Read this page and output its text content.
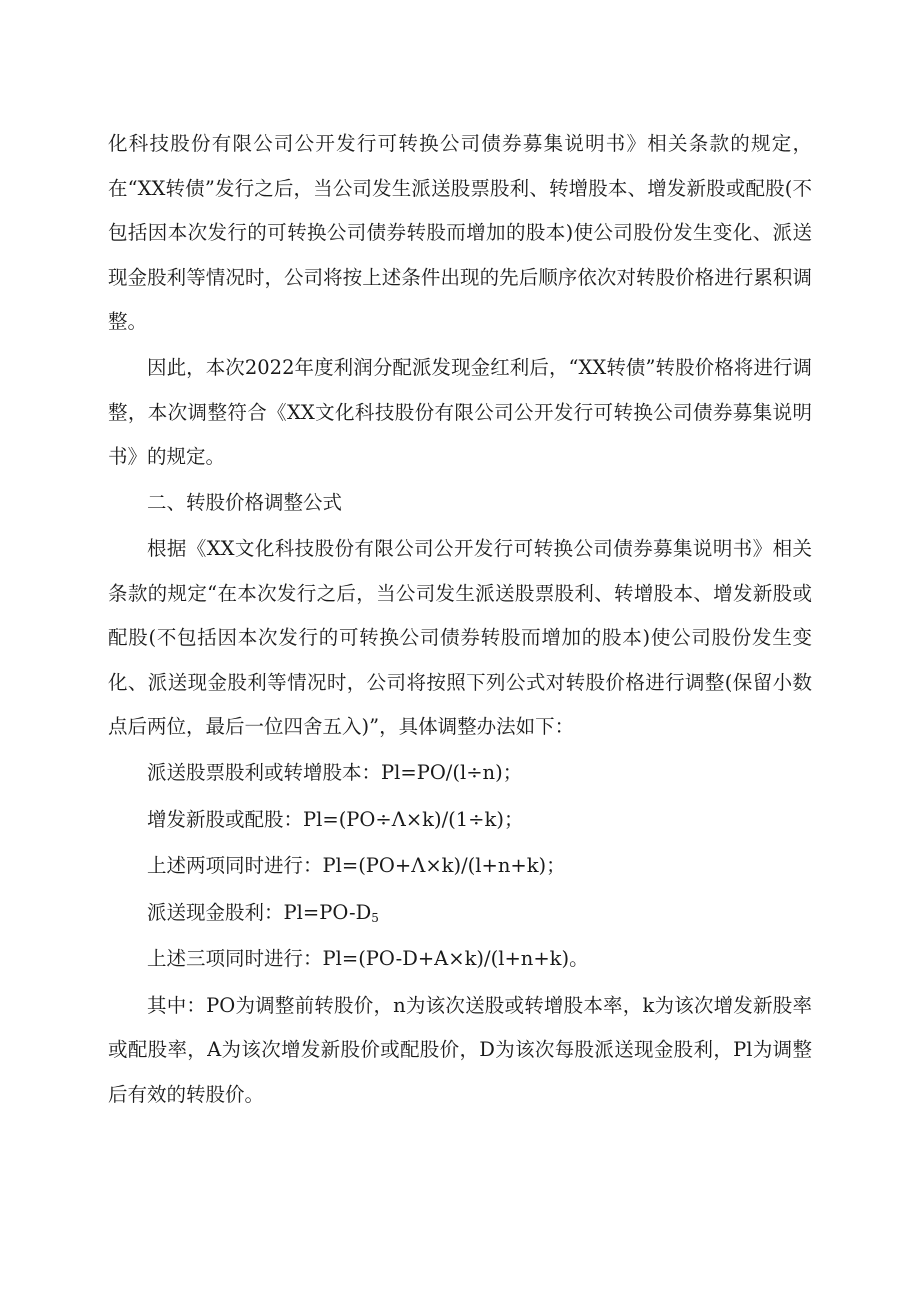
化科技股份有限公司公开发行可转换公司债券募集说明书》相关条款的规定，在“XX转债”发行之后，当公司发生派送股票股利、转增股本、增发新股或配股(不包括因本次发行的可转换公司债券转股而增加的股本)使公司股份发生变化、派送现金股利等情况时，公司将按上述条件出现的先后顺序依次对转股价格进行累积调整。

因此，本次2022年度利润分配派发现金红利后，“XX转债”转股价格将进行调整，本次调整符合《XX文化科技股份有限公司公开发行可转换公司债券募集说明书》的规定。

二、转股价格调整公式

根据《XX文化科技股份有限公司公开发行可转换公司债券募集说明书》相关条款的规定“在本次发行之后，当公司发生派送股票股利、转增股本、增发新股或配股(不包括因本次发行的可转换公司债券转股而增加的股本)使公司股份发生变化、派送现金股利等情况时，公司将按照下列公式对转股价格进行调整(保留小数点后两位，最后一位四舍五入)”，具体调整办法如下：

派送股票股利或转增股本：Pl=PO/(l÷n)；

增发新股或配股：Pl=(PO÷Λ×k)/(1÷k)；

上述两项同时进行：Pl=(PO+Λ×k)/(l+n+k)；

派送现金股利：$Pl=PO-D_5$

上述三项同时进行：Pl=(PO-D+A×k)/(l+n+k)。

其中：PO为调整前转股价，n为该次送股或转增股本率，k为该次增发新股率或配股率，A为该次增发新股价或配股价，D为该次每股派送现金股利，Pl为调整后有效的转股价。
